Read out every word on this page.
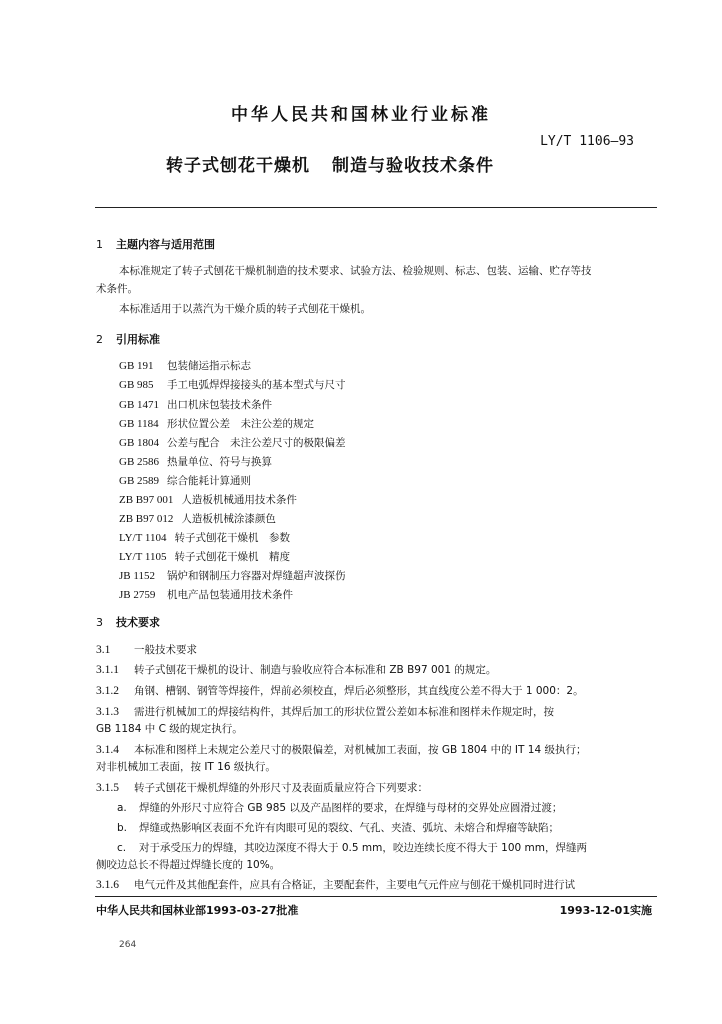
中华人民共和国林业行业标准
LY/T 1106—93
转子式刨花干燥机 制造与验收技术条件
1 主题内容与适用范围
本标准规定了转子式刨花干燥机制造的技术要求、试验方法、检验规则、标志、包装、运输、贮存等技
术条件。
本标准适用于以蒸汽为干燥介质的转子式刨花干燥机。
2 引用标准
GB 191 包装储运指示标志
GB 985 手工电弧焊焊接接头的基本型式与尺寸
GB 1471 出口机床包装技术条件
GB 1184 形状位置公差　未注公差的规定
GB 1804 公差与配合　未注公差尺寸的极限偏差
GB 2586 热量单位、符号与换算
GB 2589 综合能耗计算通则
ZB B97 001 人造板机械通用技术条件
ZB B97 012 人造板机械涂漆颜色
LY/T 1104 转子式刨花干燥机　参数
LY/T 1105 转子式刨花干燥机　精度
JB 1152 锅炉和钢制压力容器对焊缝超声波探伤
JB 2759 机电产品包装通用技术条件
3 技术要求
3.1 一般技术要求
3.1.1 转子式刨花干燥机的设计、制造与验收应符合本标准和 ZB B97 001 的规定。
3.1.2 角钢、槽钢、钢管等焊接件，焊前必须校直，焊后必须整形，其直线度公差不得大于 1 000：2。
3.1.3 需进行机械加工的焊接结构件，其焊后加工的形状位置公差如本标准和图样未作规定时，按
GB 1184 中 C 级的规定执行。
3.1.4 本标准和图样上未规定公差尺寸的极限偏差，对机械加工表面，按 GB 1804 中的 IT 14 级执行；
对非机械加工表面，按 IT 16 级执行。
3.1.5 转子式刨花干燥机焊缝的外形尺寸及表面质量应符合下列要求：
a. 焊缝的外形尺寸应符合 GB 985 以及产品图样的要求，在焊缝与母材的交界处应圆滑过渡；
b. 焊缝或热影响区表面不允许有肉眼可见的裂纹、气孔、夹渣、弧坑、未熔合和焊瘤等缺陷；
c. 对于承受压力的焊缝，其咬边深度不得大于 0.5 mm，咬边连续长度不得大于 100 mm，焊缝两
侧咬边总长不得超过焊缝长度的 10%。
3.1.6 电气元件及其他配套件，应具有合格证，主要配套件，主要电气元件应与刨花干燥机同时进行试
中华人民共和国林业部1993-03-27批准	1993-12-01实施
264
